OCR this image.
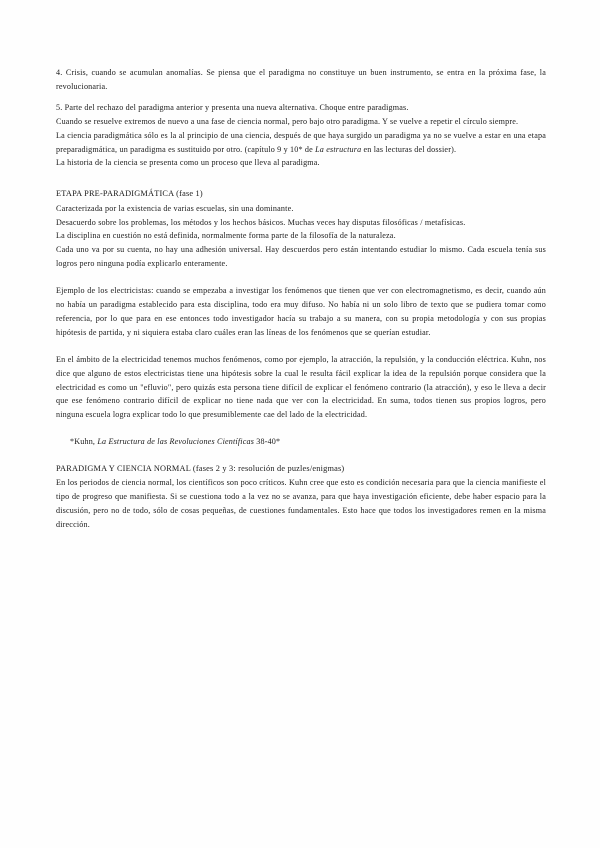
4. Crisis, cuando se acumulan anomalías. Se piensa que el paradigma no constituye un buen instrumento, se entra en la próxima fase, la revolucionaria.

5. Parte del rechazo del paradigma anterior y presenta una nueva alternativa. Choque entre paradigmas.

Cuando se resuelve extremos de nuevo a una fase de ciencia normal, pero bajo otro paradigma. Y se vuelve a repetir el círculo siempre.

La ciencia paradigmática sólo es la al principio de una ciencia, después de que haya surgido un paradigma ya no se vuelve a estar en una etapa preparadigmática, un paradigma es sustituido por otro. (capítulo 9 y 10* de La estructura en las lecturas del dossier).

La historia de la ciencia se presenta como un proceso que lleva al paradigma.

ETAPA PRE-PARADIGMÁTICA (fase 1)

Caracterizada por la existencia de varias escuelas, sin una dominante.

Desacuerdo sobre los problemas, los métodos y los hechos básicos. Muchas veces hay disputas filosóficas / metafísicas.

La disciplina en cuestión no está definida, normalmente forma parte de la filosofía de la naturaleza.

Cada uno va por su cuenta, no hay una adhesión universal. Hay descuerdos pero están intentando estudiar lo mismo. Cada escuela tenía sus logros pero ninguna podía explicarlo enteramente.

Ejemplo de los electricistas: cuando se empezaba a investigar los fenómenos que tienen que ver con electromagnetismo, es decir, cuando aún no había un paradigma establecido para esta disciplina, todo era muy difuso. No había ni un solo libro de texto que se pudiera tomar como referencia, por lo que para en ese entonces todo investigador hacía su trabajo a su manera, con su propia metodología y con sus propias hipótesis de partida, y ni siquiera estaba claro cuáles eran las líneas de los fenómenos que se querían estudiar.

En el ámbito de la electricidad tenemos muchos fenómenos, como por ejemplo, la atracción, la repulsión, y la conducción eléctrica. Kuhn, nos dice que alguno de estos electricistas tiene una hipótesis sobre la cual le resulta fácil explicar la idea de la repulsión porque considera que la electricidad es como un "efluvio", pero quizás esta persona tiene difícil de explicar el fenómeno contrario (la atracción), y eso le lleva a decir que ese fenómeno contrario difícil de explicar no tiene nada que ver con la electricidad. En suma, todos tienen sus propios logros, pero ninguna escuela logra explicar todo lo que presumiblemente cae del lado de la electricidad.

*Kuhn, La Estructura de las Revoluciones Científicas 38-40*

PARADIGMA Y CIENCIA NORMAL (fases 2 y 3: resolución de puzles/enigmas)

En los periodos de ciencia normal, los científicos son poco críticos. Kuhn cree que esto es condición necesaria para que la ciencia manifieste el tipo de progreso que manifiesta. Si se cuestiona todo a la vez no se avanza, para que haya investigación eficiente, debe haber espacio para la discusión, pero no de todo, sólo de cosas pequeñas, de cuestiones fundamentales. Esto hace que todos los investigadores remen en la misma dirección.
